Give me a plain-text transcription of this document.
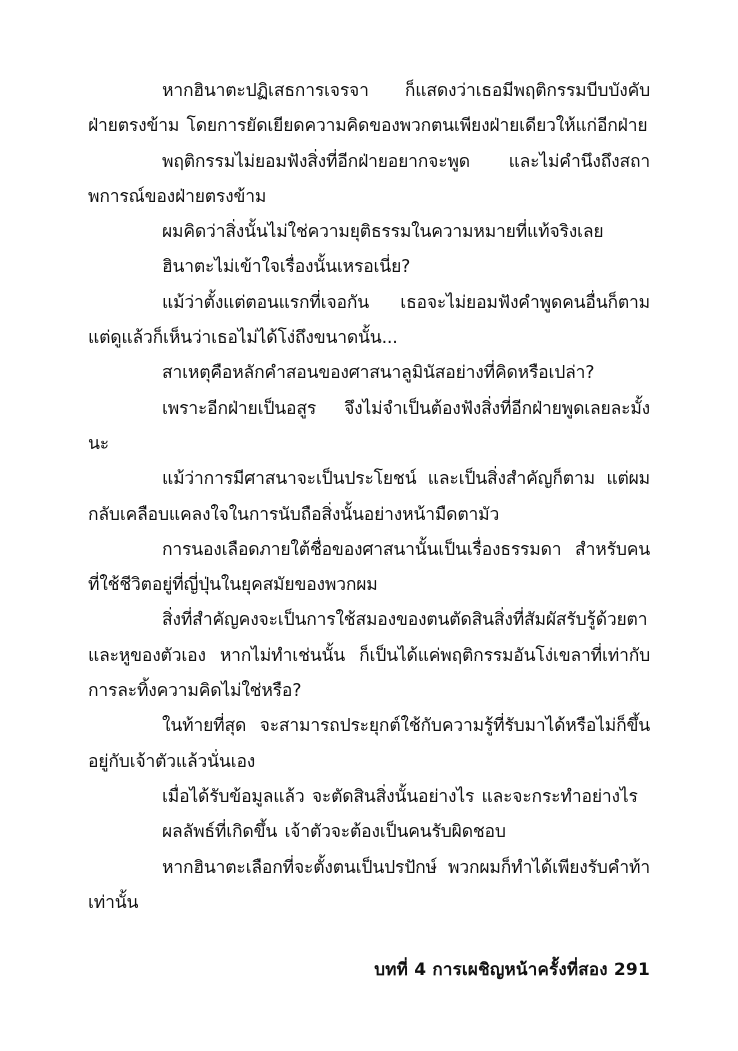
หากฮินาตะปฏิเสธการเจรจา ก็แสดงว่าเธอมีพฤติกรรมบีบบังคับฝ่ายตรงข้าม โดยการยัดเยียดความคิดของพวกตนเพียงฝ่ายเดียวให้แก่อีกฝ่าย

พฤติกรรมไม่ยอมฟังสิ่งที่อีกฝ่ายอยากจะพูด และไม่คำนึงถึงสถาพการณ์ของฝ่ายตรงข้าม

ผมคิดว่าสิ่งนั้นไม่ใช่ความยุติธรรมในความหมายที่แท้จริงเลย

ฮินาตะไม่เข้าใจเรื่องนั้นเหรอเนี่ย?

แม้ว่าตั้งแต่ตอนแรกที่เจอกัน เธอจะไม่ยอมฟังคำพูดคนอื่นก็ตาม แต่ดูแล้วก็เห็นว่าเธอไม่ได้โง่ถึงขนาดนั้น...

สาเหตุคือหลักคำสอนของศาสนาลูมินัสอย่างที่คิดหรือเปล่า?

เพราะอีกฝ่ายเป็นอสูร จึงไม่จำเป็นต้องฟังสิ่งที่อีกฝ่ายพูดเลยละมั้งนะ

แม้ว่าการมีศาสนาจะเป็นประโยชน์ และเป็นสิ่งสำคัญก็ตาม แต่ผมกลับเคลือบแคลงใจในการนับถือสิ่งนั้นอย่างหน้ามืดตามัว

การนองเลือดภายใต้ชื่อของศาสนานั้นเป็นเรื่องธรรมดา สำหรับคนที่ใช้ชีวิตอยู่ที่ญี่ปุ่นในยุคสมัยของพวกผม

สิ่งที่สำคัญคงจะเป็นการใช้สมองของตนตัดสินสิ่งที่สัมผัสรับรู้ด้วยตาและหูของตัวเอง หากไม่ทำเช่นนั้น ก็เป็นได้แค่พฤติกรรมอันโง่เขลาที่เท่ากับการละทิ้งความคิดไม่ใช่หรือ?

ในท้ายที่สุด จะสามารถประยุกต์ใช้กับความรู้ที่รับมาได้หรือไม่ก็ขึ้นอยู่กับเจ้าตัวแล้วนั่นเอง

เมื่อได้รับข้อมูลแล้ว จะตัดสินสิ่งนั้นอย่างไร และจะกระทำอย่างไร

ผลลัพธ์ที่เกิดขึ้น เจ้าตัวจะต้องเป็นคนรับผิดชอบ

หากฮินาตะเลือกที่จะตั้งตนเป็นปรปักษ์ พวกผมก็ทำได้เพียงรับคำท้าเท่านั้น

บทที่ 4 การเผชิญหน้าครั้งที่สอง 291
